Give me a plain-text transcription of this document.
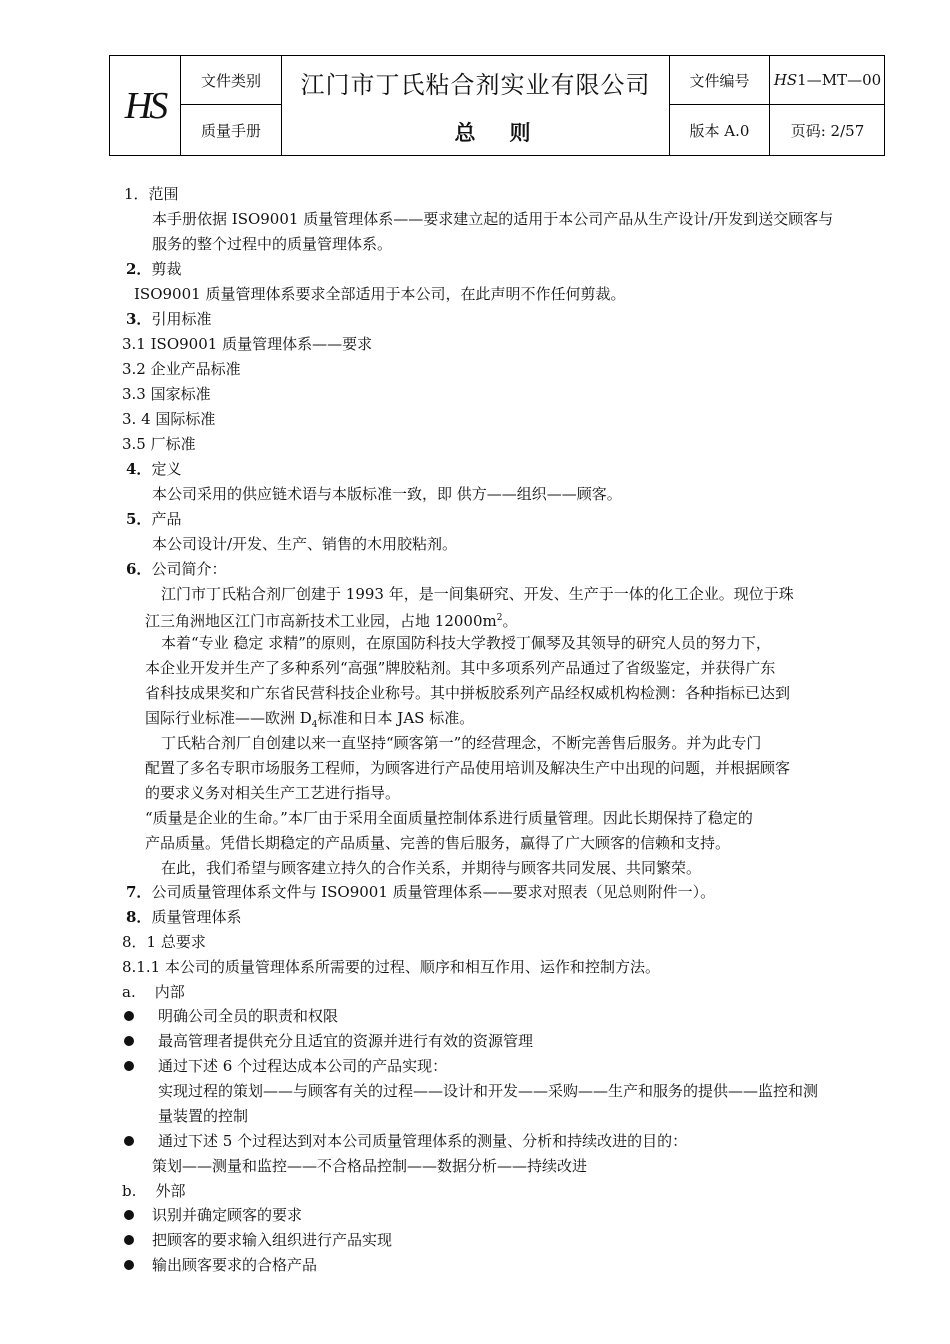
HS
文件类别
质量手册
江门市丁氏粘合剂实业有限公司
总则
文件编号	HS 1—MT—00
版本 A.0	页码: 2/57
1．范围
本手册依据 ISO9001 质量管理体系——要求建立起的适用于本公司产品从生产设计/开发到送交顾客与
服务的整个过程中的质量管理体系。
2．剪裁
ISO9001 质量管理体系要求全部适用于本公司，在此声明不作任何剪裁。
3．引用标准
3.1 ISO9001 质量管理体系——要求
3.2 企业产品标准
3.3 国家标准
3. 4 国际标准
3.5 厂标准
4．定义
本公司采用的供应链术语与本版标准一致，即 供方——组织——顾客。
5．产品
本公司设计/开发、生产、销售的木用胶粘剂。
6．公司简介：
江门市丁氏粘合剂厂创建于 1993 年，是一间集研究、开发、生产于一体的化工企业。现位于珠
江三角洲地区江门市高新技术工业园，占地 $12000m^2$。
本着“专业 稳定 求精”的原则，在原国防科技大学教授丁佩琴及其领导的研究人员的努力下，
本企业开发并生产了多种系列“高强”牌胶粘剂。其中多项系列产品通过了省级鉴定，并获得广东
省科技成果奖和广东省民营科技企业称号。其中拼板胶系列产品经权威机构检测：各种指标已达到
国际行业标准——欧洲 $D_4$标准和日本 JAS 标准。
丁氏粘合剂厂自创建以来一直坚持“顾客第一”的经营理念，不断完善售后服务。并为此专门
配置了多名专职市场服务工程师，为顾客进行产品使用培训及解决生产中出现的问题，并根据顾客
的要求义务对相关生产工艺进行指导。
“质量是企业的生命。”本厂由于采用全面质量控制体系进行质量管理。因此长期保持了稳定的
产品质量。凭借长期稳定的产品质量、完善的售后服务，赢得了广大顾客的信赖和支持。
在此，我们希望与顾客建立持久的合作关系，并期待与顾客共同发展、共同繁荣。
7．公司质量管理体系文件与 ISO9001 质量管理体系——要求对照表（见总则附件一）。
8．质量管理体系
8．1 总要求
8.1.1 本公司的质量管理体系所需要的过程、顺序和相互作用、运作和控制方法。
a. 内部
明确公司全员的职责和权限
最高管理者提供充分且适宜的资源并进行有效的资源管理
通过下述 6 个过程达成本公司的产品实现：
实现过程的策划——与顾客有关的过程——设计和开发——采购——生产和服务的提供——监控和测
量装置的控制
通过下述 5 个过程达到对本公司质量管理体系的测量、分析和持续改进的目的：
策划——测量和监控——不合格品控制——数据分析——持续改进
b. 外部
识别并确定顾客的要求
把顾客的要求输入组织进行产品实现
输出顾客要求的合格产品
